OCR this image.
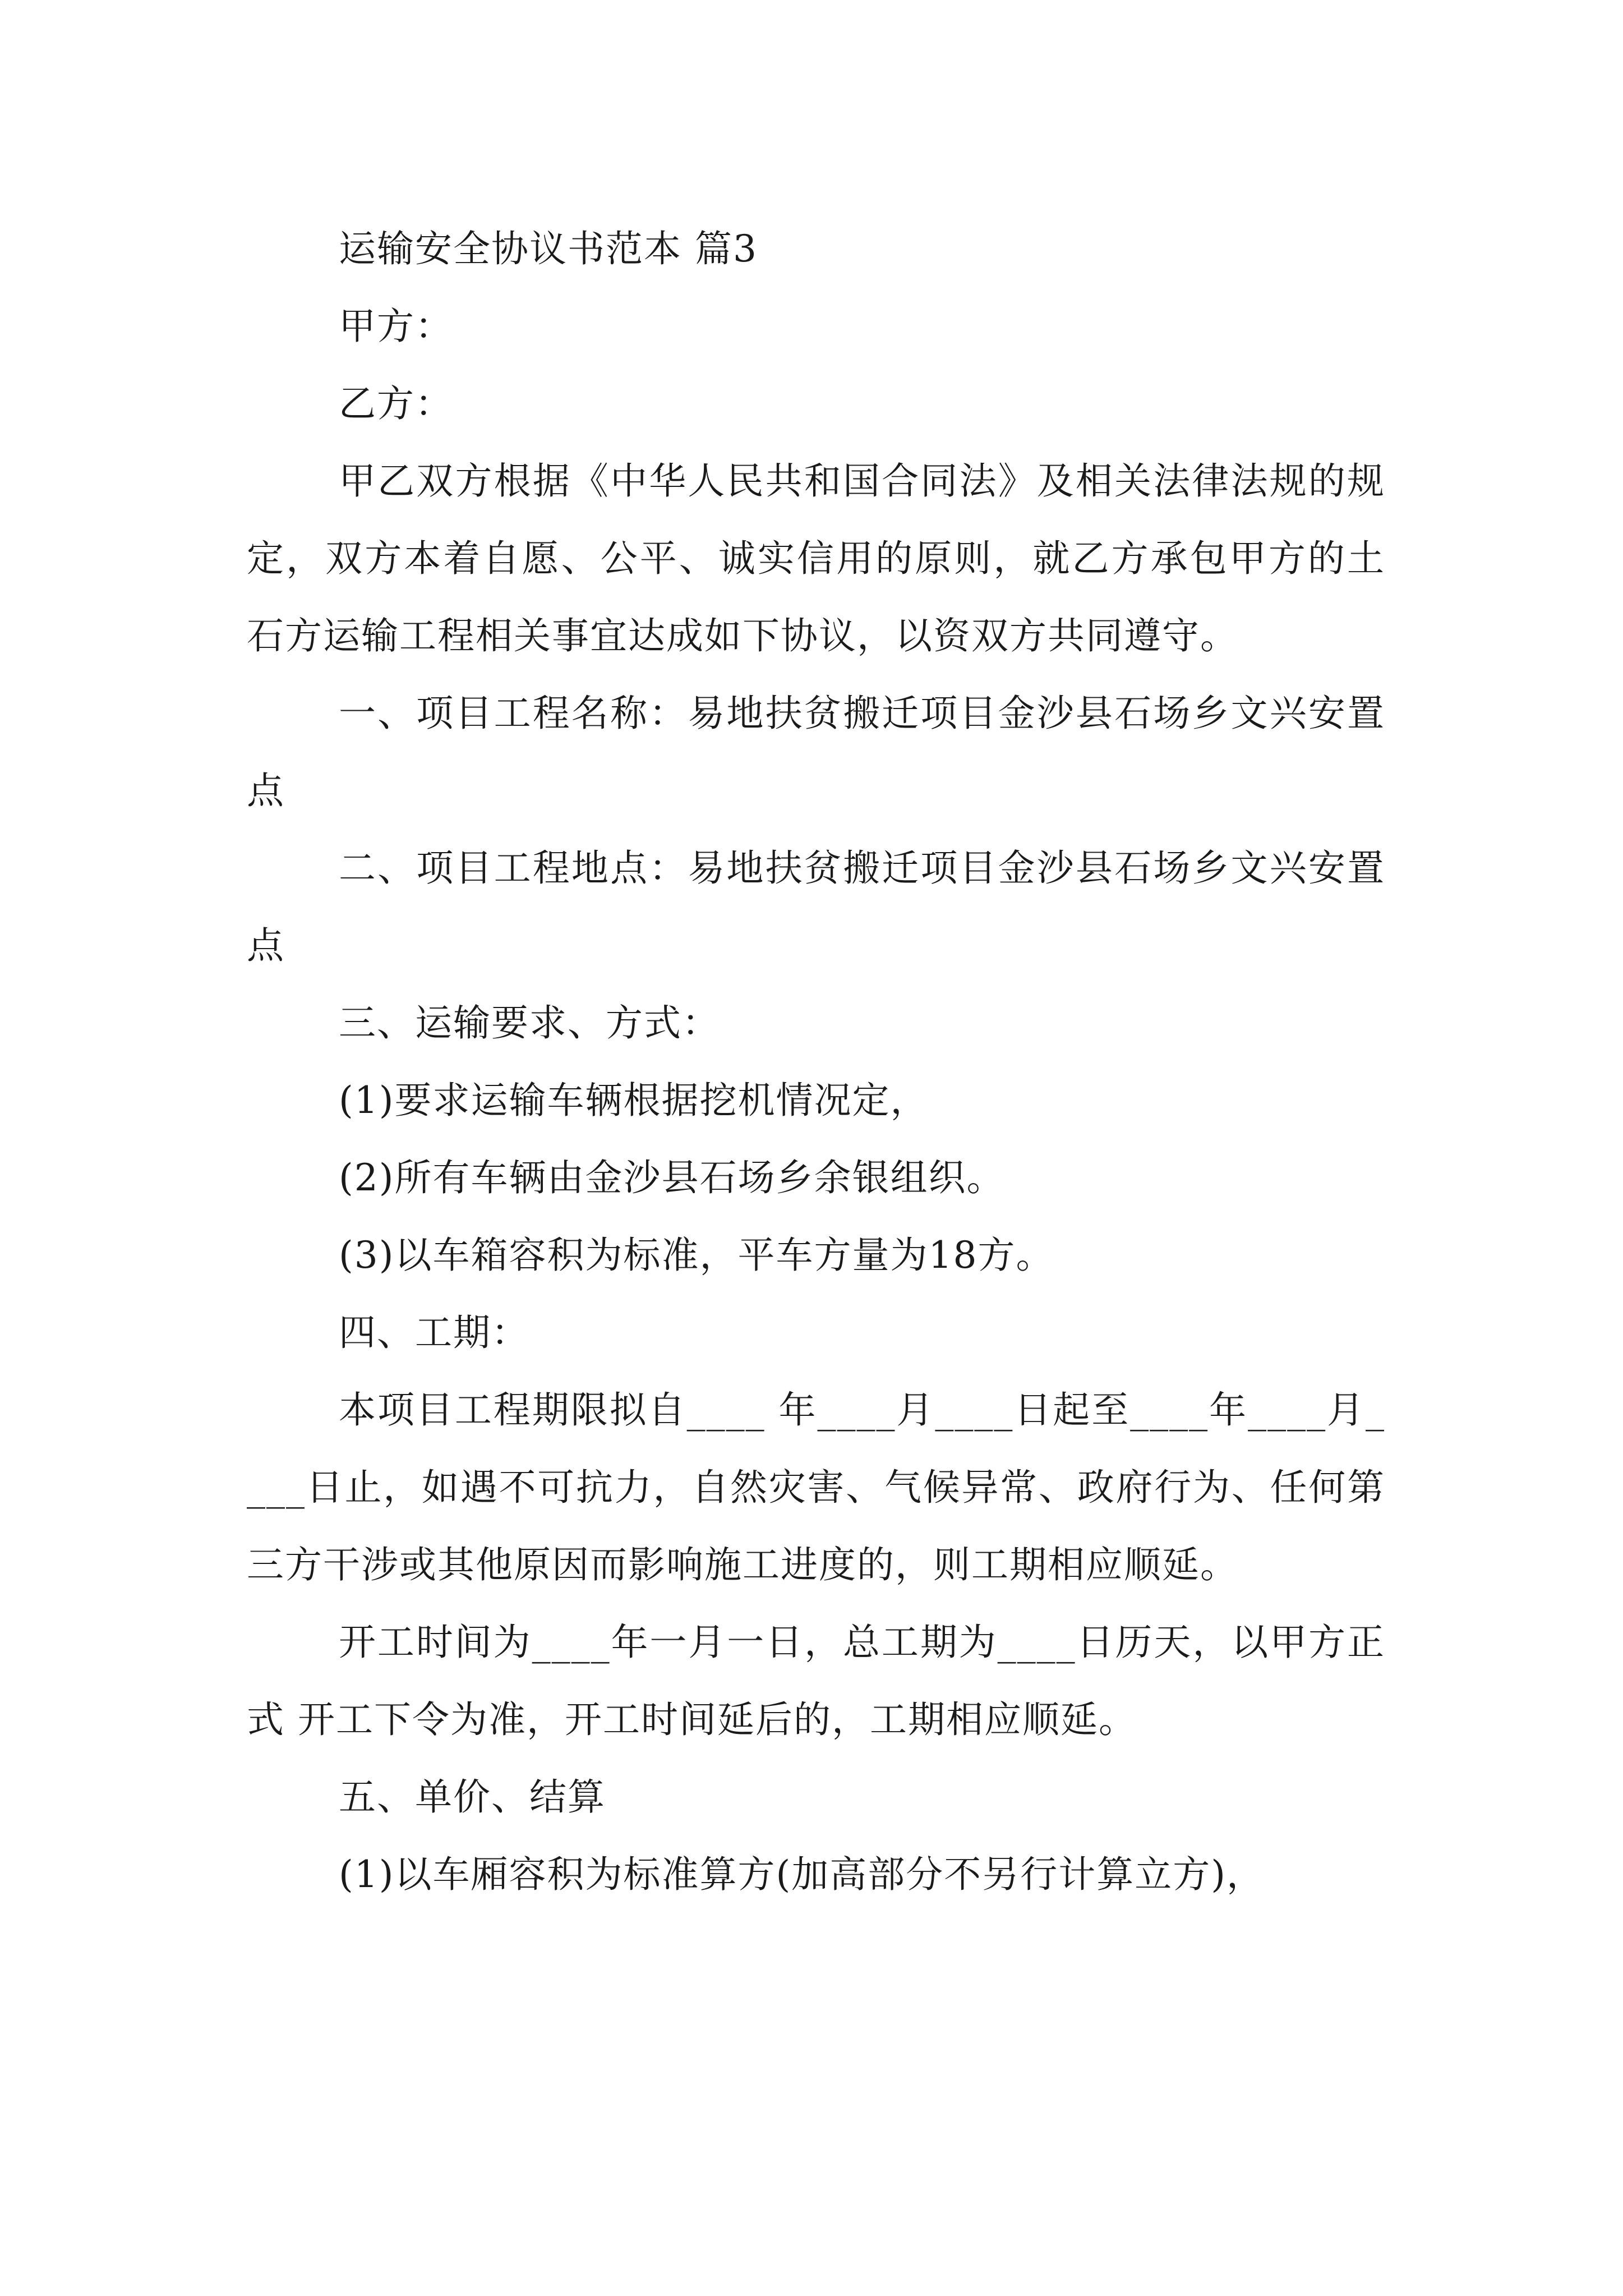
运输安全协议书范本 篇3

甲方：

乙方：

甲乙双方根据《中华人民共和国合同法》及相关法律法规的规定，双方本着自愿、公平、诚实信用的原则，就乙方承包甲方的土石方运输工程相关事宜达成如下协议，以资双方共同遵守。

一、项目工程名称：易地扶贫搬迁项目金沙县石场乡文兴安置点

二、项目工程地点：易地扶贫搬迁项目金沙县石场乡文兴安置点

三、运输要求、方式：

(1)要求运输车辆根据挖机情况定，

(2)所有车辆由金沙县石场乡余银组织。

(3)以车箱容积为标准，平车方量为18方。

四、工期：

本项目工程期限拟自____ 年____月____日起至____年____月____日止，如遇不可抗力，自然灾害、气候异常、政府行为、任何第三方干涉或其他原因而影响施工进度的，则工期相应顺延。

开工时间为____年一月一日，总工期为____日历天，以甲方正式 开工下令为准，开工时间延后的，工期相应顺延。

五、单价、结算

(1)以车厢容积为标准算方(加高部分不另行计算立方)，
